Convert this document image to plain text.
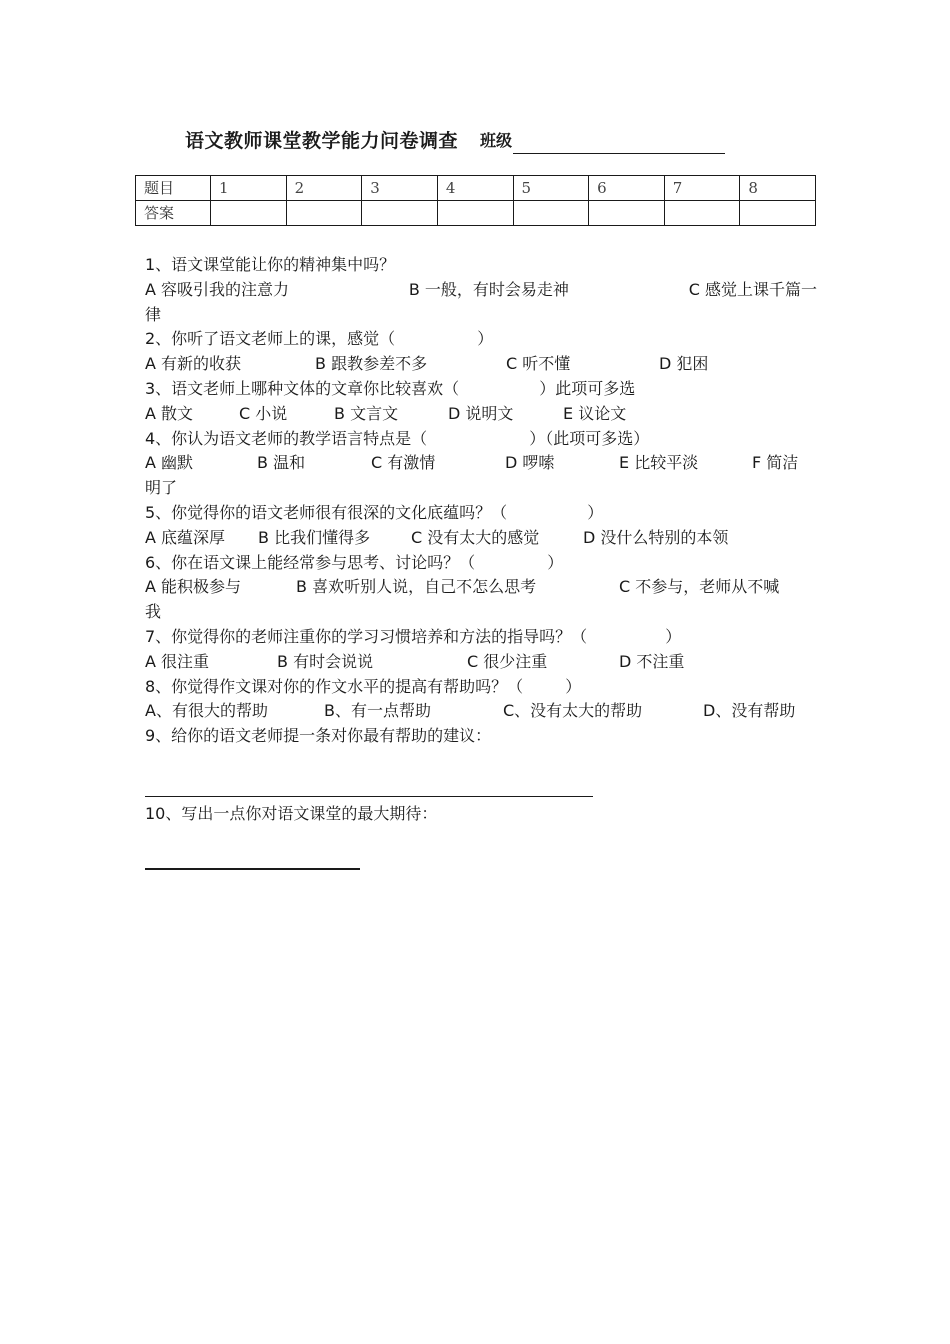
语文教师课堂教学能力问卷调查 班级
题目	1	2	3	4	5	6	7	8
答案								
1、语文课堂能让你的精神集中吗？
A 容吸引我的注意力	B 一般，有时会易走神	C 感觉上课千篇一
律
2、你听了语文老师上的课，感觉（	）
A 有新的收获	B 跟教参差不多	C 听不懂	D 犯困
3、语文老师上哪种文体的文章你比较喜欢（	）此项可多选
A 散文	C 小说	B 文言文	D 说明文	E 议论文
4、你认为语文老师的教学语言特点是（	）（此项可多选）
A 幽默	B 温和	C 有激情	D 啰嗦	E 比较平淡	F 简洁
明了
5、你觉得你的语文老师很有很深的文化底蕴吗？（	）
A 底蕴深厚	B 比我们懂得多	C 没有太大的感觉	D 没什么特别的本领
6、你在语文课上能经常参与思考、讨论吗？（	）
A 能积极参与	B 喜欢听别人说，自己不怎么思考	C 不参与，老师从不喊
我
7、你觉得你的老师注重你的学习习惯培养和方法的指导吗？（	）
A 很注重	B 有时会说说	C 很少注重	D 不注重
8、你觉得作文课对你的作文水平的提高有帮助吗？（	）
A、有很大的帮助	B、有一点帮助	C、没有太大的帮助	D、没有帮助
9、给你的语文老师提一条对你最有帮助的建议：
10、写出一点你对语文课堂的最大期待：
